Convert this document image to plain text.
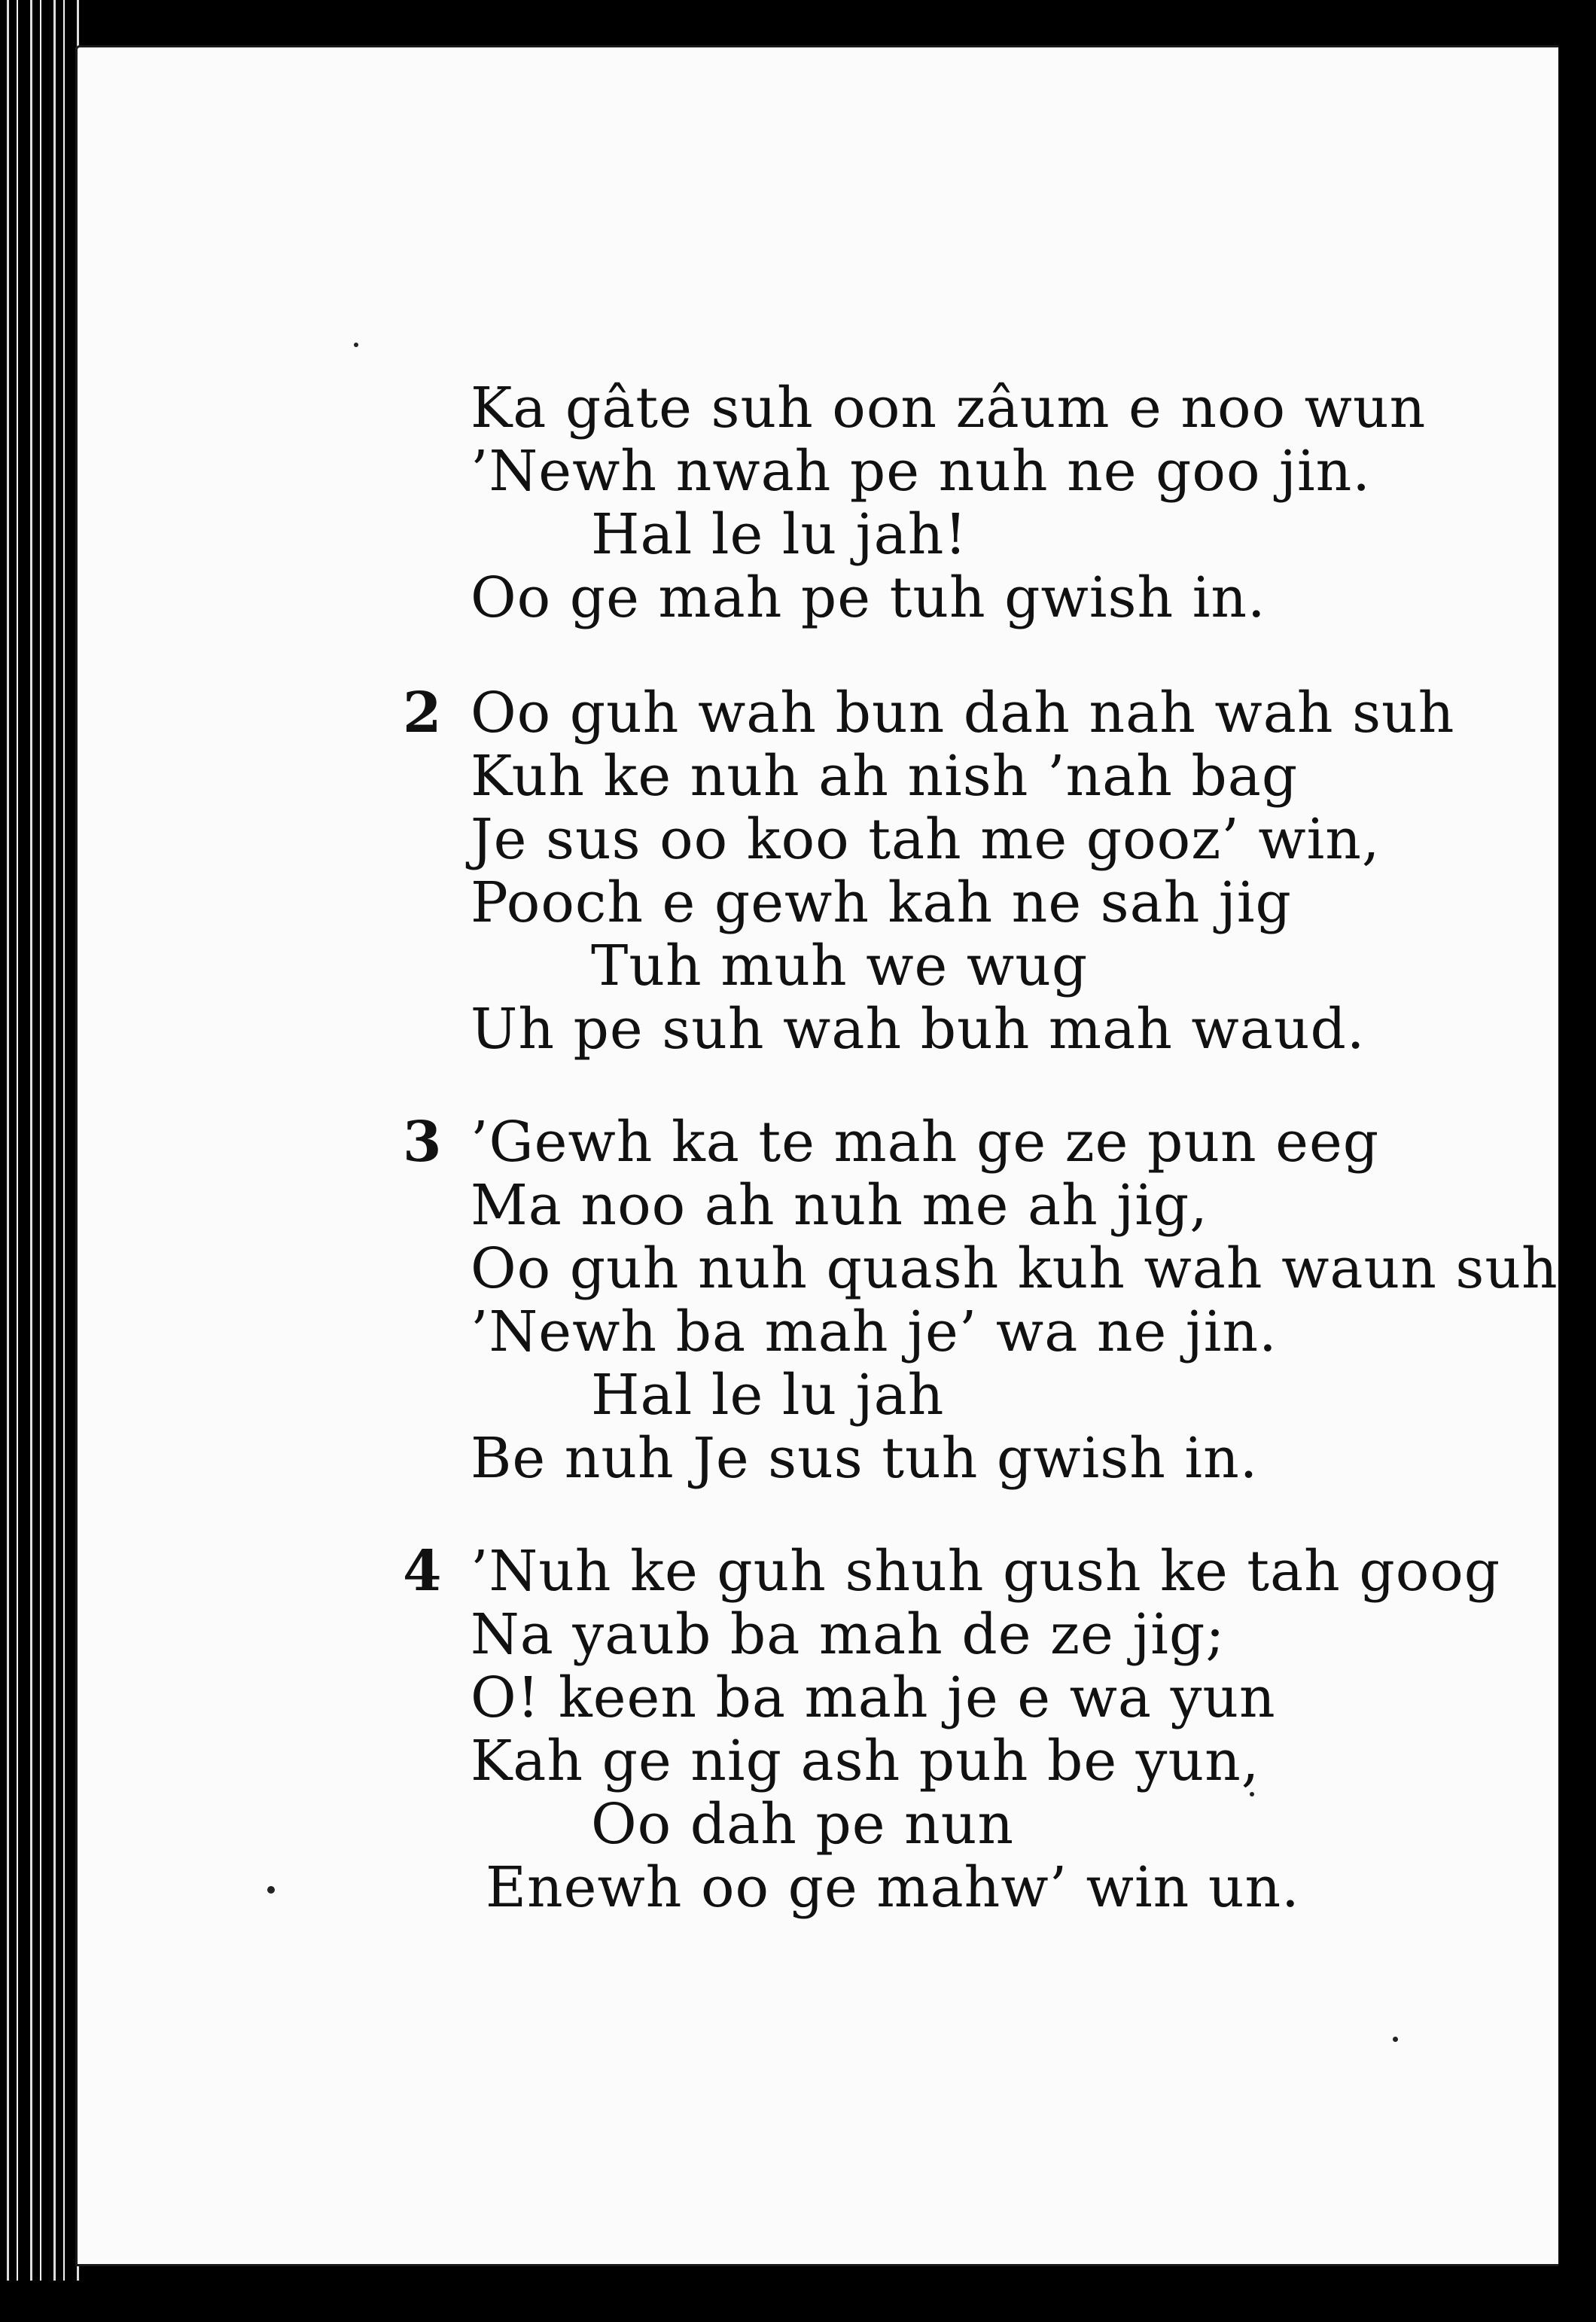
Ka gâte suh oon zâum e noo wun
’Newh nwah pe nuh ne goo jin.
Hal le lu jah!
Oo ge mah pe tuh gwish in.
2 Oo guh wah bun dah nah wah suh
Kuh ke nuh ah nish ’nah bag
Je sus oo koo tah me gooz’ win,
Pooch e gewh kah ne sah jig
Tuh muh we wug
Uh pe suh wah buh mah waud.
3 ’Gewh ka te mah ge ze pun eeg
Ma noo ah nuh me ah jig,
Oo guh nuh quash kuh wah waun suh
’Newh ba mah je’ wa ne jin.
Hal le lu jah
Be nuh Je sus tuh gwish in.
4 ’Nuh ke guh shuh gush ke tah goog
Na yaub ba mah de ze jig;
O! keen ba mah je e wa yun
Kah ge nig ash puh be yun,
Oo dah pe nun
Enewh oo ge mahw’ win un.
